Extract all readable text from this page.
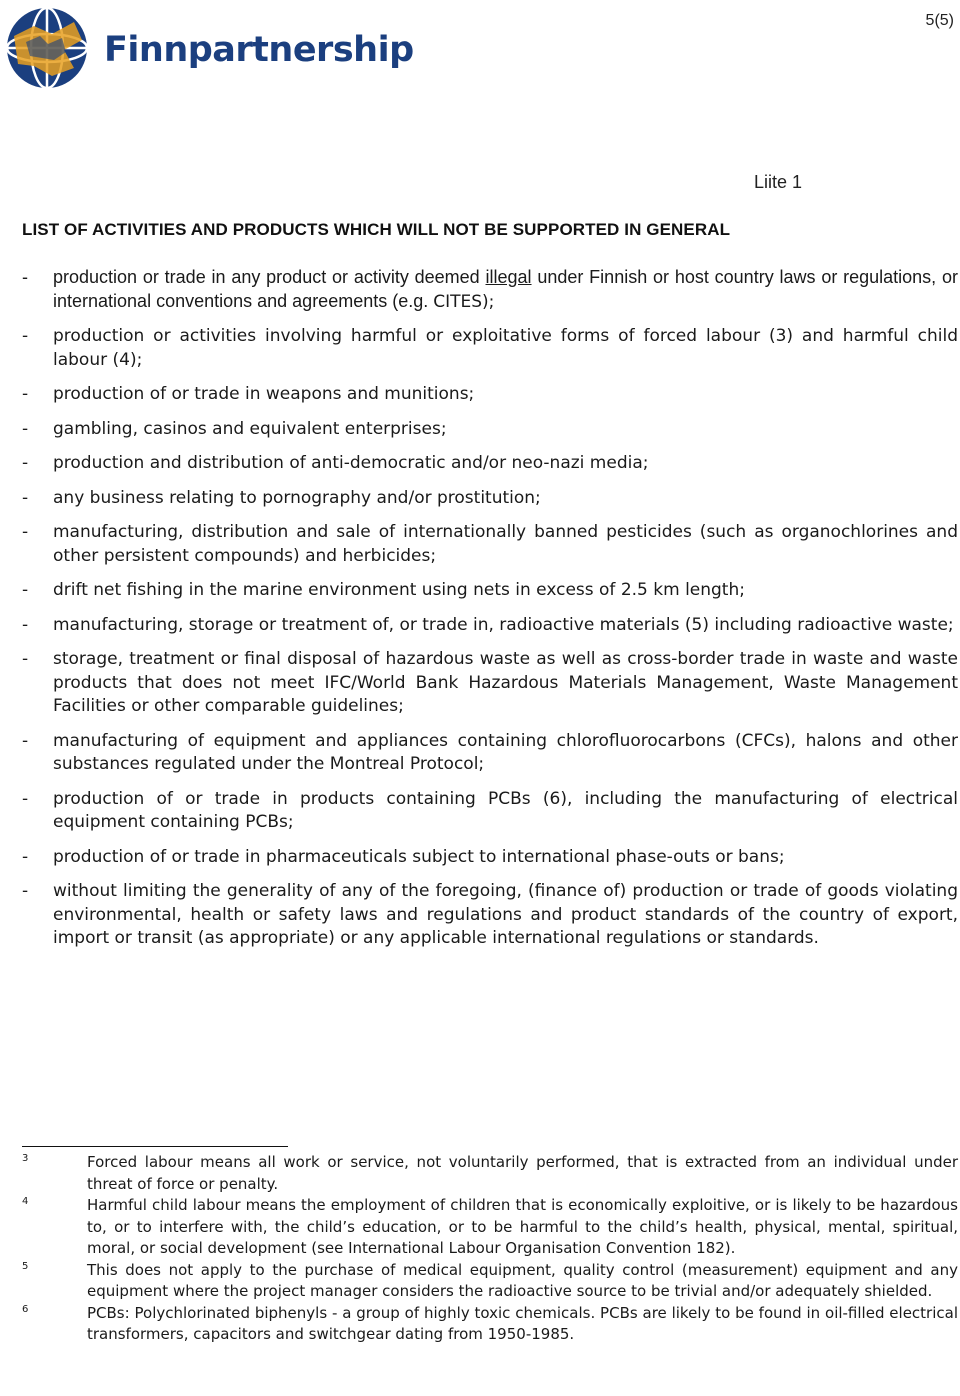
Finnpartnership
5(5)
Liite 1
LIST OF ACTIVITIES AND PRODUCTS WHICH WILL NOT BE SUPPORTED IN GENERAL
-	production or trade in any product or activity deemed illegal under Finnish or host country laws or regulations, or international conventions and agreements (e.g. CITES);
-	production or activities involving harmful or exploitative forms of forced labour (3) and harmful child labour (4);
-	production of or trade in weapons and munitions;
-	gambling, casinos and equivalent enterprises;
-	production and distribution of anti-democratic and/or neo-nazi media;
-	any business relating to pornography and/or prostitution;
-	manufacturing, distribution and sale of internationally banned pesticides (such as organochlorines and other persistent compounds) and herbicides;
-	drift net fishing in the marine environment using nets in excess of 2.5 km length;
-	manufacturing, storage or treatment of, or trade in, radioactive materials (5) including radioactive waste;
-	storage, treatment or final disposal of hazardous waste as well as cross-border trade in waste and waste products that does not meet IFC/World Bank Hazardous Materials Management, Waste Management Facilities or other comparable guidelines;
-	manufacturing of equipment and appliances containing chlorofluorocarbons (CFCs), halons and other substances regulated under the Montreal Protocol;
-	production of or trade in products containing PCBs (6), including the manufacturing of electrical equipment containing PCBs;
-	production of or trade in pharmaceuticals subject to international phase-outs or bans;
-	without limiting the generality of any of the foregoing, (finance of) production or trade of goods violating environmental, health or safety laws and regulations and product standards of the country of export, import or transit (as appropriate) or any applicable international regulations or standards.
3	Forced labour means all work or service, not voluntarily performed, that is extracted from an individual under threat of force or penalty.
4	Harmful child labour means the employment of children that is economically exploitive, or is likely to be hazardous to, or to interfere with, the child’s education, or to be harmful to the child’s health, physical, mental, spiritual, moral, or social development (see International Labour Organisation Convention 182).
5	This does not apply to the purchase of medical equipment, quality control (measurement) equipment and any equipment where the project manager considers the radioactive source to be trivial and/or adequately shielded.
6	PCBs: Polychlorinated biphenyls - a group of highly toxic chemicals. PCBs are likely to be found in oil-filled electrical transformers, capacitors and switchgear dating from 1950-1985.
